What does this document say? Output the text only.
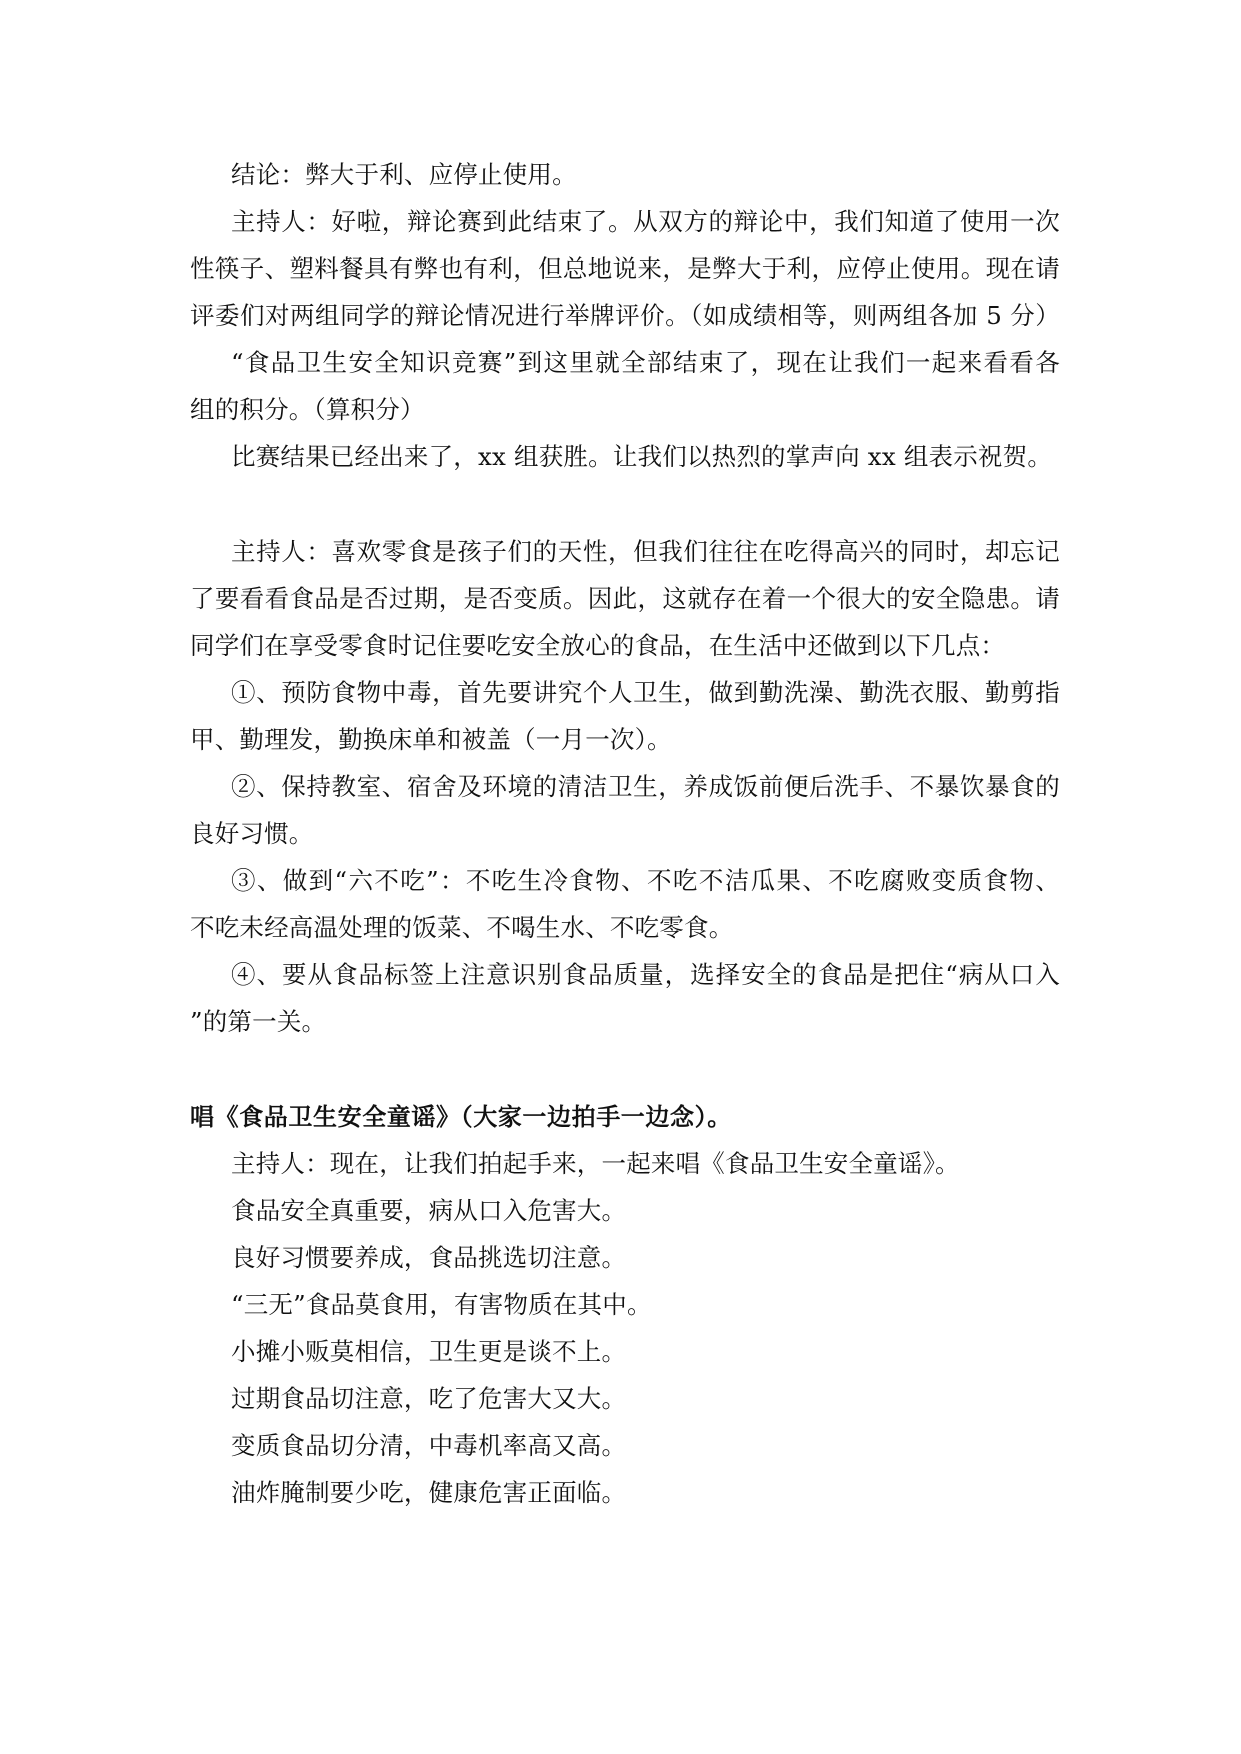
结论：弊大于利、应停止使用。
主持人：好啦，辩论赛到此结束了。从双方的辩论中，我们知道了使用一次
性筷子、塑料餐具有弊也有利，但总地说来，是弊大于利，应停止使用。现在请
评委们对两组同学的辩论情况进行举牌评价。（如成绩相等，则两组各加 5 分）
“食品卫生安全知识竞赛”到这里就全部结束了，现在让我们一起来看看各
组的积分。（算积分）
比赛结果已经出来了，xx 组获胜。让我们以热烈的掌声向 xx 组表示祝贺。
主持人：喜欢零食是孩子们的天性，但我们往往在吃得高兴的同时，却忘记
了要看看食品是否过期，是否变质。因此，这就存在着一个很大的安全隐患。请
同学们在享受零食时记住要吃安全放心的食品，在生活中还做到以下几点：
①、预防食物中毒，首先要讲究个人卫生，做到勤洗澡、勤洗衣服、勤剪指
甲、勤理发，勤换床单和被盖（一月一次）。
②、保持教室、宿舍及环境的清洁卫生，养成饭前便后洗手、不暴饮暴食的
良好习惯。
③、做到“六不吃”：不吃生冷食物、不吃不洁瓜果、不吃腐败变质食物、
不吃未经高温处理的饭菜、不喝生水、不吃零食。
④、要从食品标签上注意识别食品质量，选择安全的食品是把住“病从口入
”的第一关。
唱《食品卫生安全童谣》（大家一边拍手一边念）。
主持人：现在，让我们拍起手来，一起来唱《食品卫生安全童谣》。
食品安全真重要，病从口入危害大。
良好习惯要养成，食品挑选切注意。
“三无”食品莫食用，有害物质在其中。
小摊小贩莫相信，卫生更是谈不上。
过期食品切注意，吃了危害大又大。
变质食品切分清，中毒机率高又高。
油炸腌制要少吃，健康危害正面临。
